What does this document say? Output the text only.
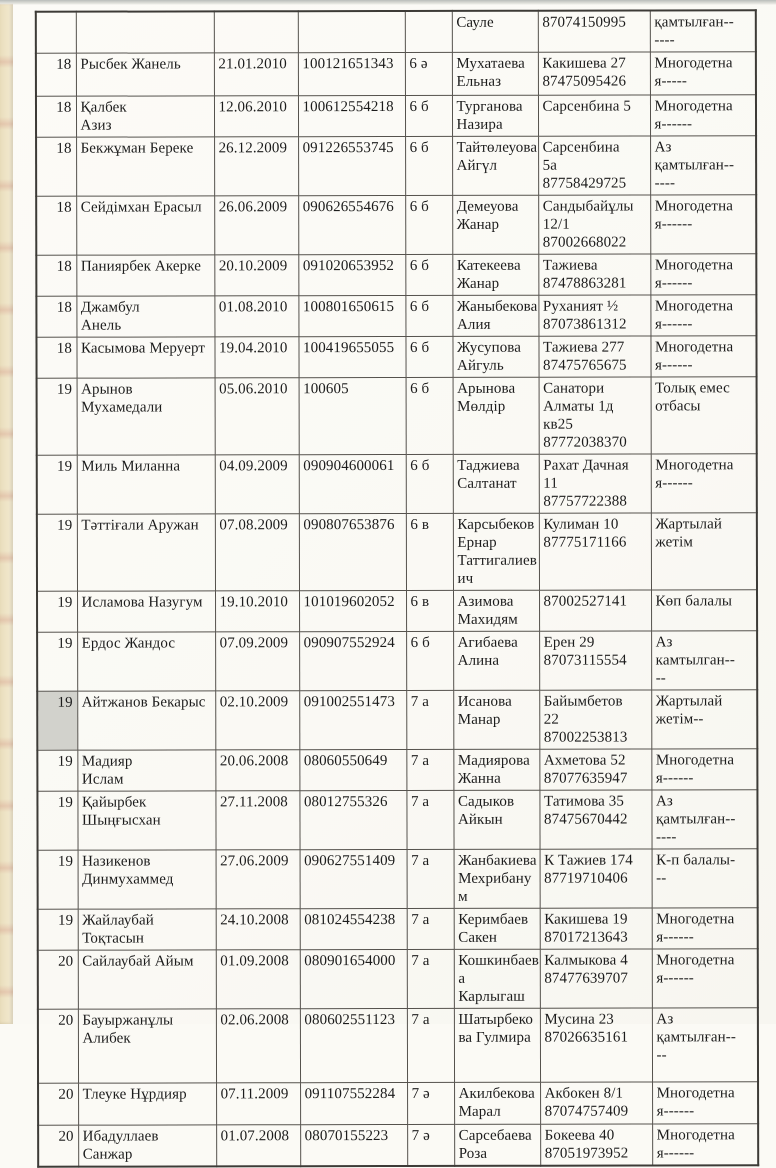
					Сауле	87074150995	қамтылған--
----
18	Рысбек Жанель	21.01.2010	100121651343	6 ә	Мухатаева
Ельназ	Какишева 27
87475095426	Многодетна
я-----
18	Қалбек
Азиз	12.06.2010	100612554218	6 б	Турганова
Назира	Сарсенбина 5	Многодетна
я------
18	Бекжұман Береке	26.12.2009	091226553745	6 б	Тайтөлеуова
Айгүл	Сарсенбина
5а
87758429725	Аз
қамтылған--
----
18	Сейдімхан Ерасыл	26.06.2009	090626554676	6 б	Демеуова
Жанар	Сандыбайұлы
12/1
87002668022	Многодетна
я------
18	Паниярбек Акерке	20.10.2009	091020653952	6 б	Катекеева
Жанар	Тажиева
87478863281	Многодетна
я------
18	Джамбул
Анель	01.08.2010	100801650615	6 б	Жаныбекова
Алия	Руханият ½
87073861312	Многодетна
я------
18	Касымова Меруерт	19.04.2010	100419655055	6 б	Жусупова
Айгуль	Тажиева 277
87475765675	Многодетна
я------
19	Арынов
Мухамедали	05.06.2010	100605	6 б	Арынова
Мөлдір	Санатори
Алматы 1д
кв25
87772038370	Толық емес
отбасы
19	Миль Миланна	04.09.2009	090904600061	6 б	Таджиева
Салтанат	Рахат Дачная
11
87757722388	Многодетна
я------
19	Тәттіғали Аружан	07.08.2009	090807653876	6 в	Карсыбеков
Ернар
Таттигалиев
ич	Кулиман 10
87775171166	Жартылай
жетім
19	Исламова Назугум	19.10.2010	101019602052	6 в	Азимова
Махидям	87002527141	Көп балалы
19	Ердос Жандос	07.09.2009	090907552924	6 б	Агибаева
Алина	Ерен 29
87073115554	Аз
камтылган--
--
19	Айтжанов Бекарыс	02.10.2009	091002551473	7 а	Исанова
Манар	Байымбетов
22
87002253813	Жартылай
жетім--
19	Мадияр
Ислам	20.06.2008	08060550649	7 а	Мадиярова
Жанна	Ахметова 52
87077635947	Многодетна
я------
19	Қайырбек
Шыңғысхан	27.11.2008	08012755326	7 а	Садыков
Айкын	Татимова 35
87475670442	Аз
қамтылған--
----
19	Назикенов
Динмухаммед	27.06.2009	090627551409	7 а	Жанбакиева
Мехрибану
м	К Тажиев 174
87719710406	К-п балалы-
--
19	Жайлаубай
Тоқтасын	24.10.2008	081024554238	7 а	Керимбаев
Сакен	Какишева 19
87017213643	Многодетна
я------
20	Сайлаубай Айым	01.09.2008	080901654000	7 а	Кошкинбаев
а Карлыгаш	Калмыкова 4
87477639707	Многодетна
я------
20	Бауыржанұлы
Алибек	02.06.2008	080602551123	7 а	Шатырбеко
ва Гулмира	Мусина 23
87026635161	Аз
қамтылған--
--
20	Тлеуке Нұрдияр	07.11.2009	091107552284	7 ә	Акилбекова
Марал	Акбокен 8/1
87074757409	Многодетна
я------
20	Ибадуллаев Санжар	01.07.2008	08070155223	7 ә	Сарсебаева
Роза	Бокеева 40
87051973952	Многодетна
я------
